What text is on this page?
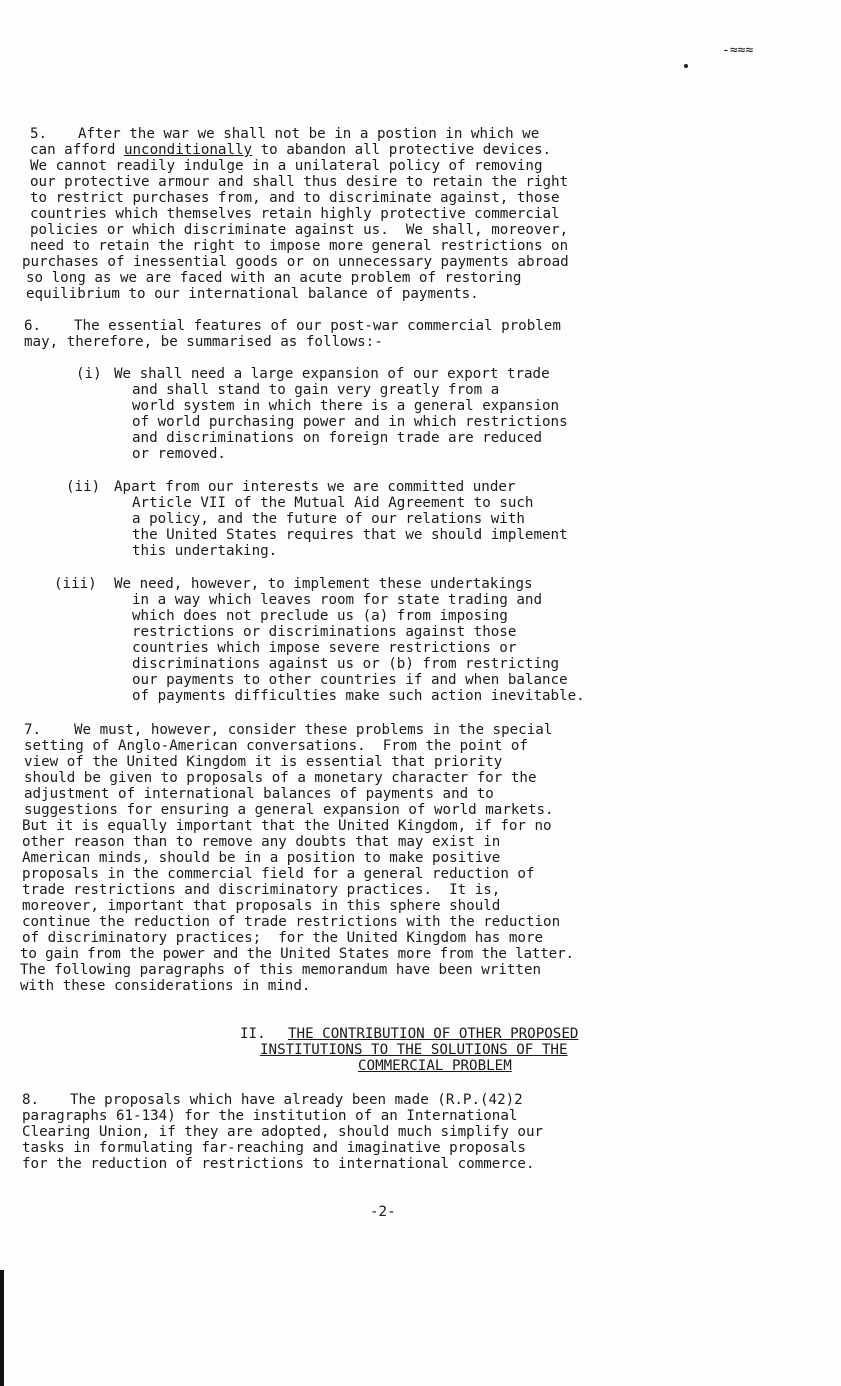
-≈≈≈
5. After the war we shall not be in a postion in which we
can afford unconditionally to abandon all protective devices.
We cannot readily indulge in a unilateral policy of removing
our protective armour and shall thus desire to retain the right
to restrict purchases from, and to discriminate against, those
countries which themselves retain highly protective commercial
policies or which discriminate against us.  We shall, moreover,
need to retain the right to impose more general restrictions on
purchases of inessential goods or on unnecessary payments abroad
so long as we are faced with an acute problem of restoring
equilibrium to our international balance of payments.
6. The essential features of our post-war commercial problem
may, therefore, be summarised as follows:-
(i) We shall need a large expansion of our export trade
and shall stand to gain very greatly from a
world system in which there is a general expansion
of world purchasing power and in which restrictions
and discriminations on foreign trade are reduced
or removed.
(ii) Apart from our interests we are committed under
Article VII of the Mutual Aid Agreement to such
a policy, and the future of our relations with
the United States requires that we should implement
this undertaking.
(iii) We need, however, to implement these undertakings
in a way which leaves room for state trading and
which does not preclude us (a) from imposing
restrictions or discriminations against those
countries which impose severe restrictions or
discriminations against us or (b) from restricting
our payments to other countries if and when balance
of payments difficulties make such action inevitable.
7. We must, however, consider these problems in the special
setting of Anglo-American conversations.  From the point of
view of the United Kingdom it is essential that priority
should be given to proposals of a monetary character for the
adjustment of international balances of payments and to
suggestions for ensuring a general expansion of world markets.
But it is equally important that the United Kingdom, if for no
other reason than to remove any doubts that may exist in
American minds, should be in a position to make positive
proposals in the commercial field for a general reduction of
trade restrictions and discriminatory practices.  It is,
moreover, important that proposals in this sphere should
continue the reduction of trade restrictions with the reduction
of discriminatory practices;  for the United Kingdom has more
to gain from the power and the United States more from the latter.
The following paragraphs of this memorandum have been written
with these considerations in mind.
II. THE CONTRIBUTION OF OTHER PROPOSED
INSTITUTIONS TO THE SOLUTIONS OF THE
COMMERCIAL PROBLEM
8. The proposals which have already been made (R.P.(42)2
paragraphs 61-134) for the institution of an International
Clearing Union, if they are adopted, should much simplify our
tasks in formulating far-reaching and imaginative proposals
for the reduction of restrictions to international commerce.
-2-
